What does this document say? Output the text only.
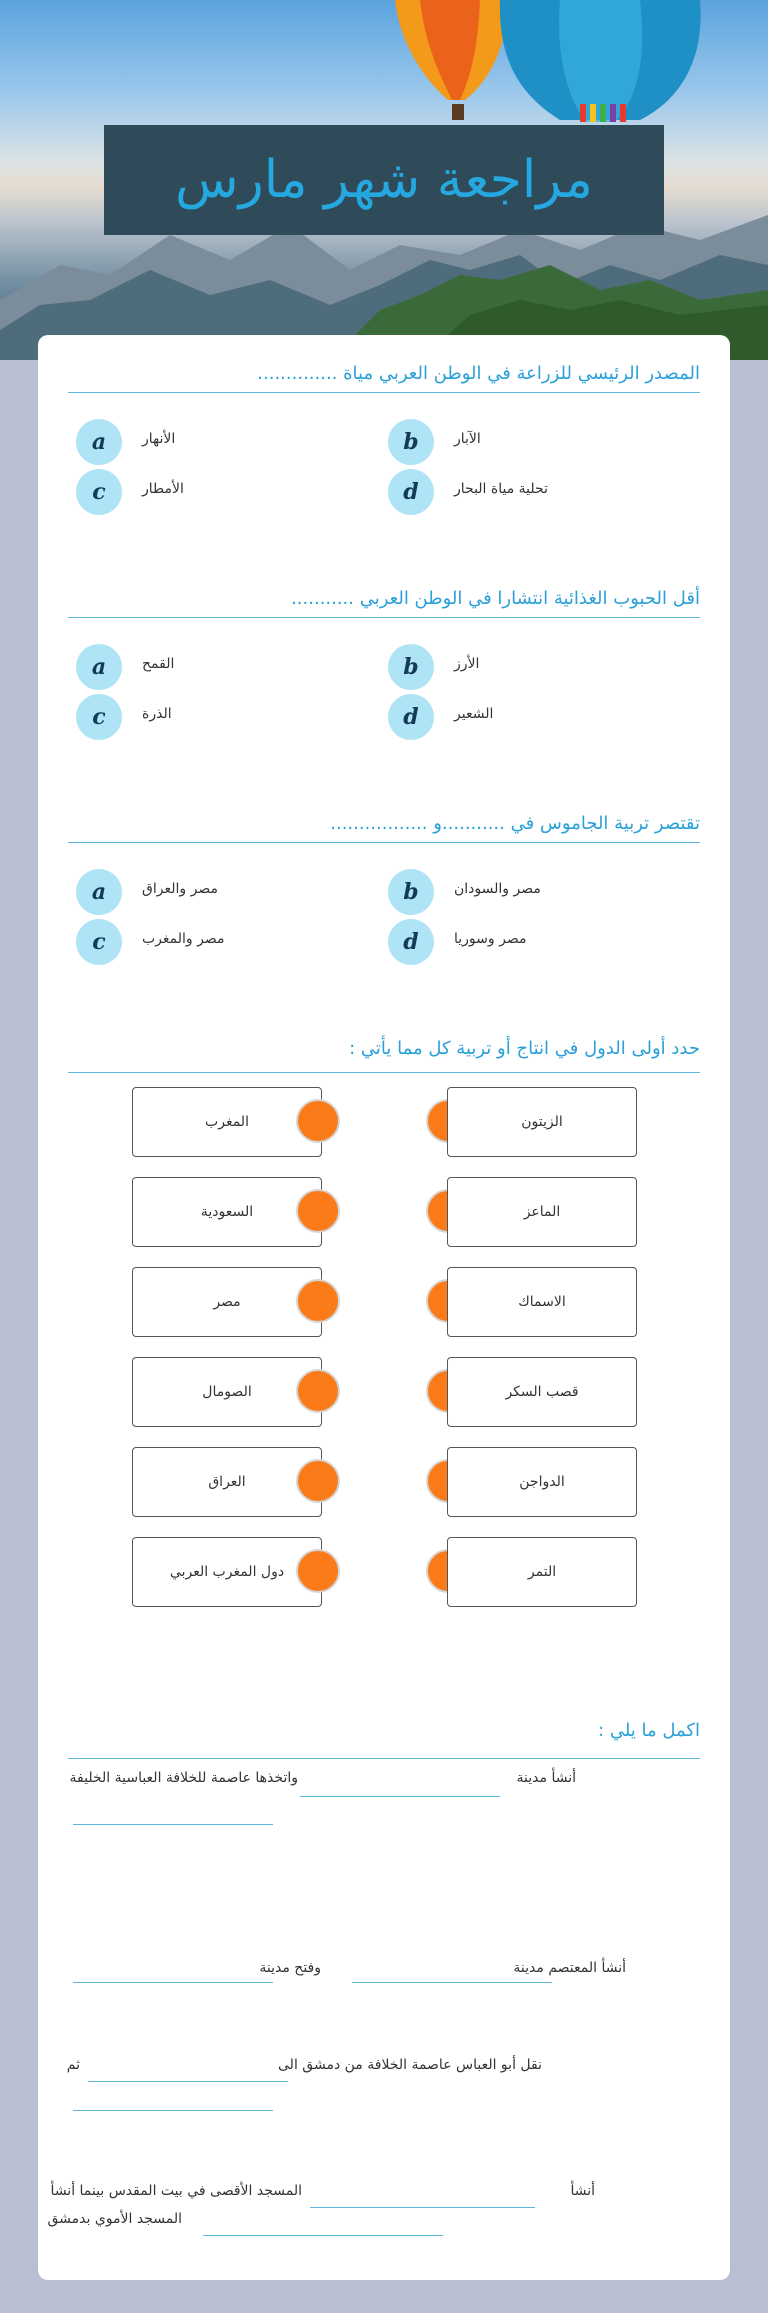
مراجعة شهر مارس
المصدر الرئيسي للزراعة في الوطن العربي مياة ..............
a	الأنهار	b	الآبار
c	الأمطار	d	تحلية مياة البحار
أقل الحبوب الغذائية انتشارا في الوطن العربي ...........
a	القمح	b	الأرز
c	الذرة	d	الشعير
تقتصر تربية الجاموس في ...........و .................
a	مصر والعراق	b	مصر والسودان
c	مصر والمغرب	d	مصر وسوريا
حدد أولى الدول في انتاج أو تربية كل مما يأتي :
المغرب	الزيتون
السعودية	الماعز
مصر	الاسماك
الصومال	قصب السكر
العراق	الدواجن
دول المغرب العربي	التمر
اكمل ما يلي :
أنشأ مدينة
واتخذها عاصمة للخلافة العباسية الخليفة
أنشأ المعتصم مدينة
وفتح مدينة
نقل أبو العباس عاصمة الخلافة من دمشق الى
ثم
أنشأ
المسجد الأقصى في بيت المقدس بينما أنشأ
المسجد الأموي بدمشق
